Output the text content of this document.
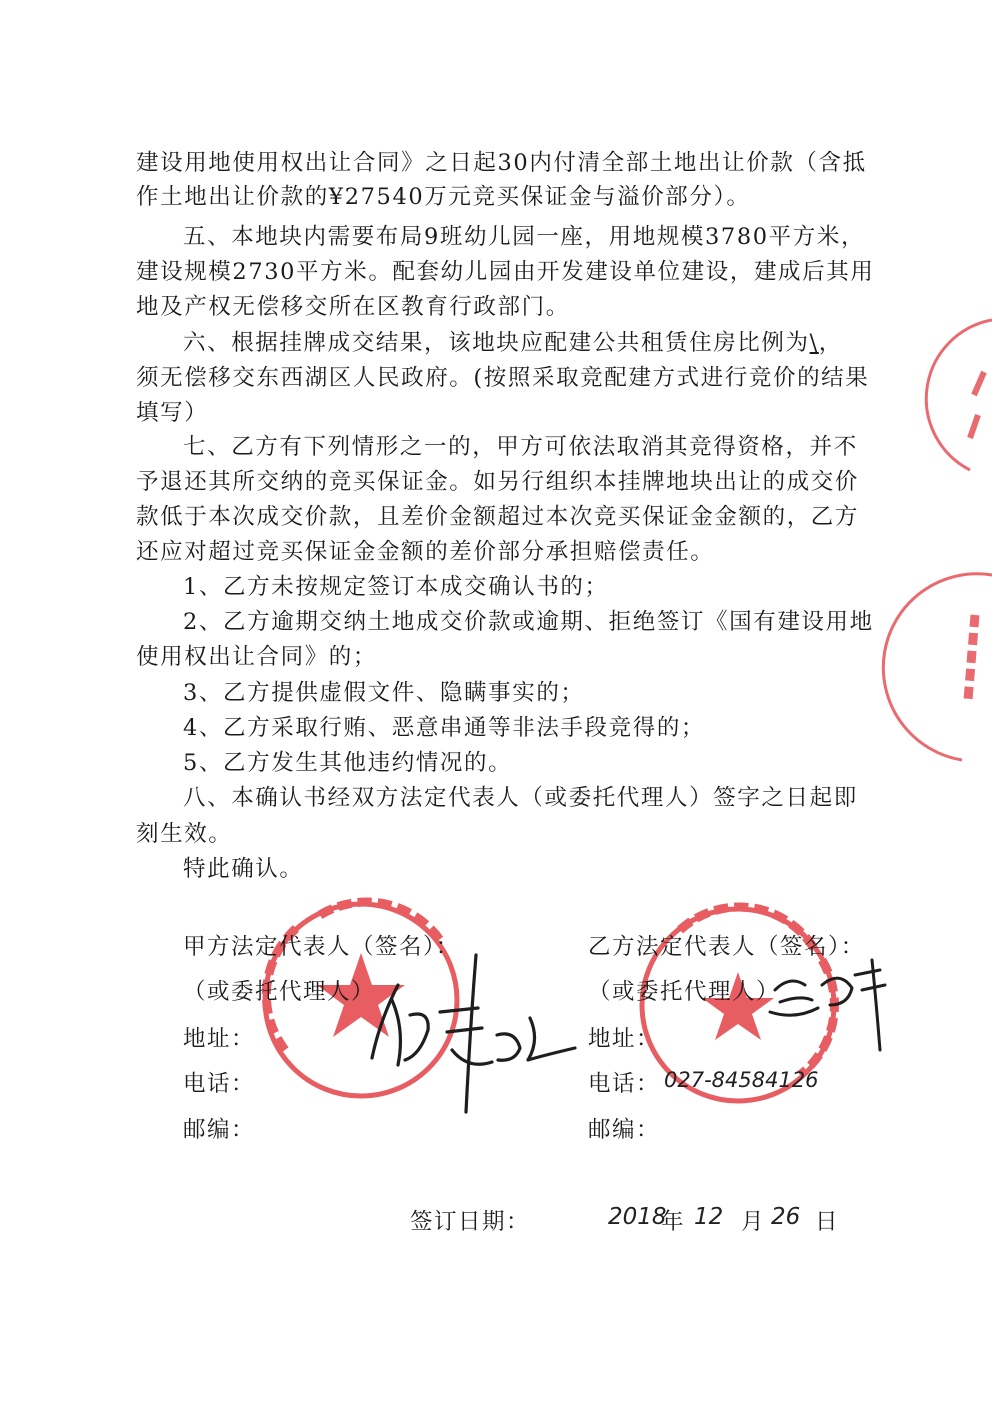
建设用地使用权出让合同》之日起30内付清全部土地出让价款（含抵
作土地出让价款的¥27540万元竞买保证金与溢价部分）。
五、本地块内需要布局9班幼儿园一座，用地规模3780平方米，
建设规模2730平方米。配套幼儿园由开发建设单位建设，建成后其用
地及产权无偿移交所在区教育行政部门。
六、根据挂牌成交结果，该地块应配建公共租赁住房比例为\，
须无偿移交东西湖区人民政府。(按照采取竞配建方式进行竞价的结果
填写）
七、乙方有下列情形之一的，甲方可依法取消其竞得资格，并不
予退还其所交纳的竞买保证金。如另行组织本挂牌地块出让的成交价
款低于本次成交价款，且差价金额超过本次竞买保证金金额的，乙方
还应对超过竞买保证金金额的差价部分承担赔偿责任。
1、乙方未按规定签订本成交确认书的；
2、乙方逾期交纳土地成交价款或逾期、拒绝签订《国有建设用地
使用权出让合同》的；
3、乙方提供虚假文件、隐瞒事实的；
4、乙方采取行贿、恶意串通等非法手段竞得的；
5、乙方发生其他违约情况的。
八、本确认书经双方法定代表人（或委托代理人）签字之日起即
刻生效。
特此确认。
甲方法定代表人（签名）：
（或委托代理人）
地址：
电话：
邮编：
乙方法定代表人（签名）：
（或委托代理人）
地址：
电话： 027-84584126
邮编：
签订日期：	2018
年 12 月 26 日
